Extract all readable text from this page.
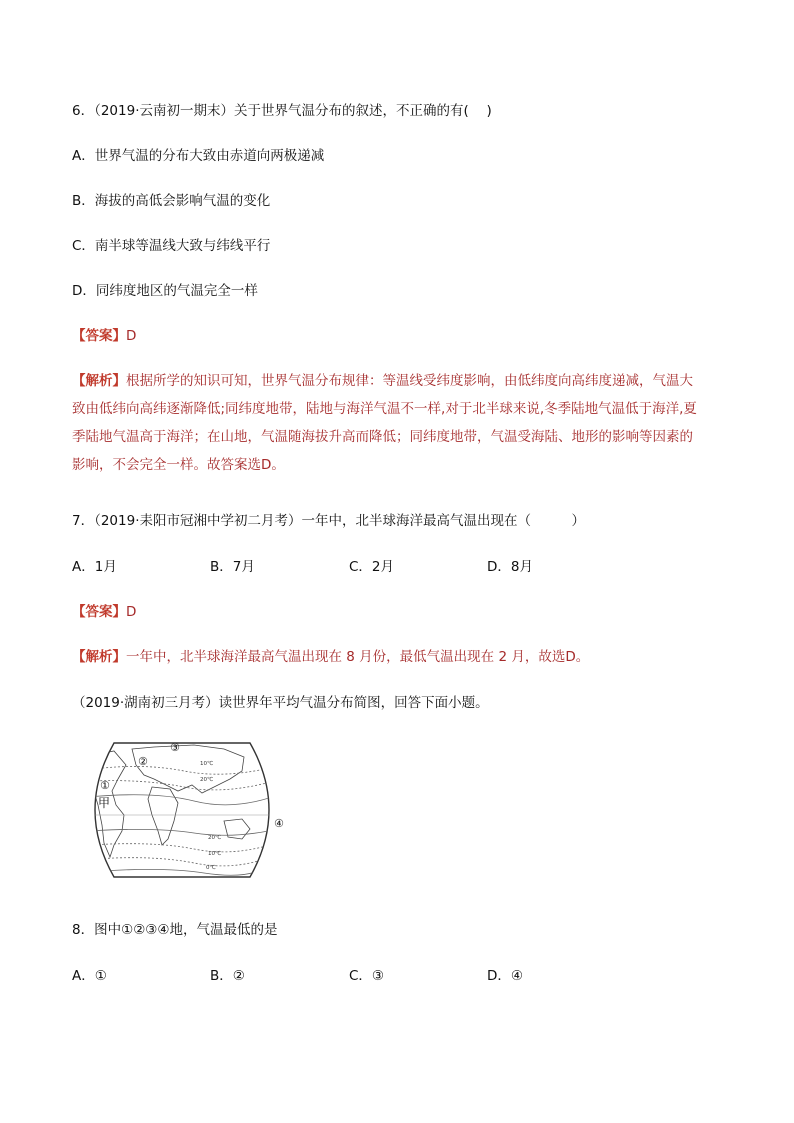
6．（2019·云南初一期末）关于世界气温分布的叙述，不正确的有(　 )
A．世界气温的分布大致由赤道向两极递减
B．海拔的高低会影响气温的变化
C．南半球等温线大致与纬线平行
D．同纬度地区的气温完全一样
【答案】D
【解析】根据所学的知识可知，世界气温分布规律：等温线受纬度影响，由低纬度向高纬度递减，气温大
致由低纬向高纬逐渐降低;同纬度地带，陆地与海洋气温不一样,对于北半球来说,冬季陆地气温低于海洋,夏
季陆地气温高于海洋；在山地，气温随海拔升高而降低；同纬度地带，气温受海陆、地形的影响等因素的
影响，不会完全一样。故答案选D。
7．（2019·耒阳市冠湘中学初二月考）一年中，北半球海洋最高气温出现在（　　　）
A．1月	B．7月	C．2月	D．8月
【答案】D
【解析】一年中，北半球海洋最高气温出现在 8 月份，最低气温出现在 2 月，故选D。
（2019·湖南初三月考）读世界年平均气温分布简图，回答下面小题。
10℃
20℃
20℃
10℃
0℃
③
②
①
④
甲
8．图中①②③④地，气温最低的是
A．①	B．②	C．③	D．④
